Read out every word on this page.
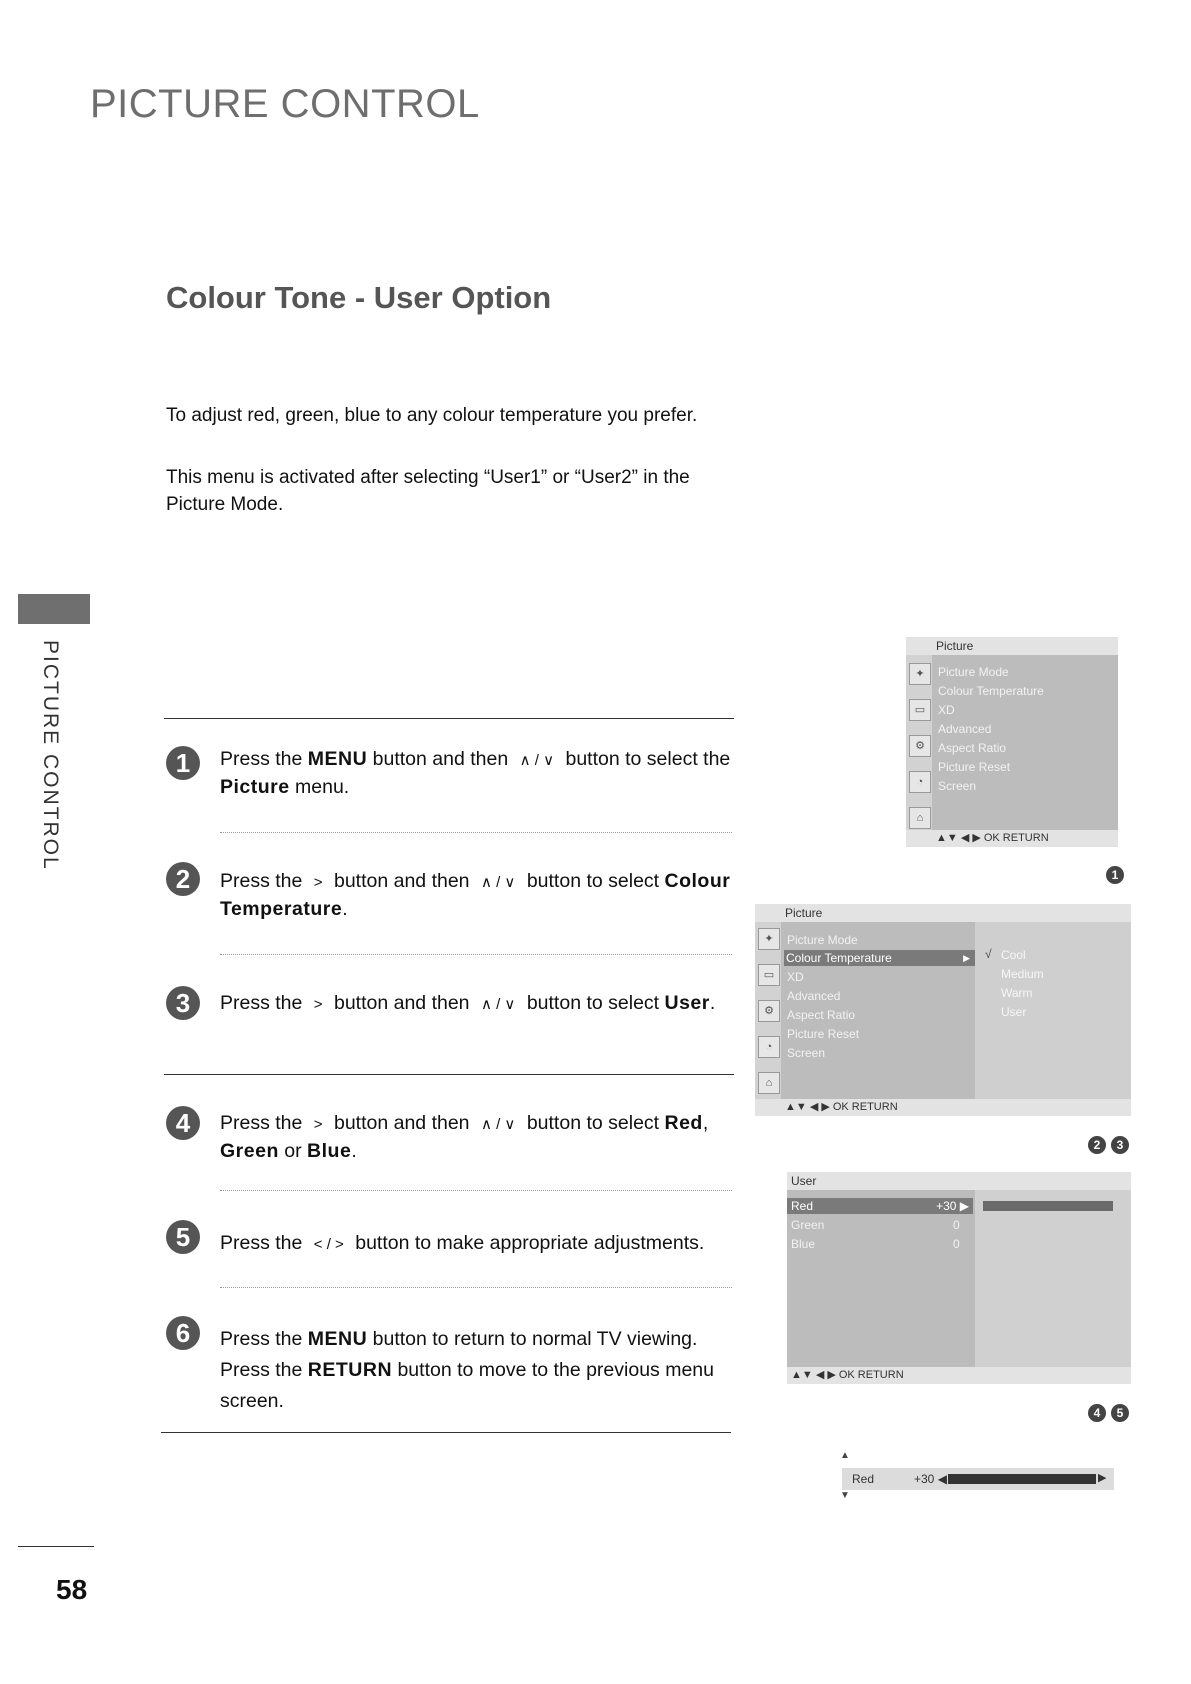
PICTURE CONTROL
Colour Tone - User Option
To adjust red, green, blue to any colour temperature you prefer.
This menu is activated after selecting “User1” or “User2” in the Picture Mode.
PICTURE CONTROL
58
1	Press the MENU button and then ∧ / ∨ button to select the Picture menu.
2	Press the > button and then ∧ / ∨ button to select Colour Temperature.
3	Press the > button and then ∧ / ∨ button to select User.
4	Press the > button and then ∧ / ∨ button to select Red,
Green or Blue.
5	Press the < / > button to make appropriate adjustments.
6	Press the MENU button to return to normal TV viewing.
Press the RETURN button to move to the previous menu screen.
Picture
✦
▭
⚙
◔
⌂
Picture Mode
Colour Temperature
XD
Advanced
Aspect Ratio
Picture Reset
Screen
▲▼ ◀ ▶ OK RETURN
1
Picture
✦
▭
⚙
◔
⌂
Picture Mode
Colour Temperature	▶
XD
Advanced
Aspect Ratio
Picture Reset
Screen
√ Cool
Medium
Warm
User
▲▼ ◀ ▶ OK RETURN
2	3
User
Red	+30 ▶
Green	0
Blue	0
▲▼ ◀ ▶ OK RETURN
4	5
▲
Red	+30 ◀	▶
▼
